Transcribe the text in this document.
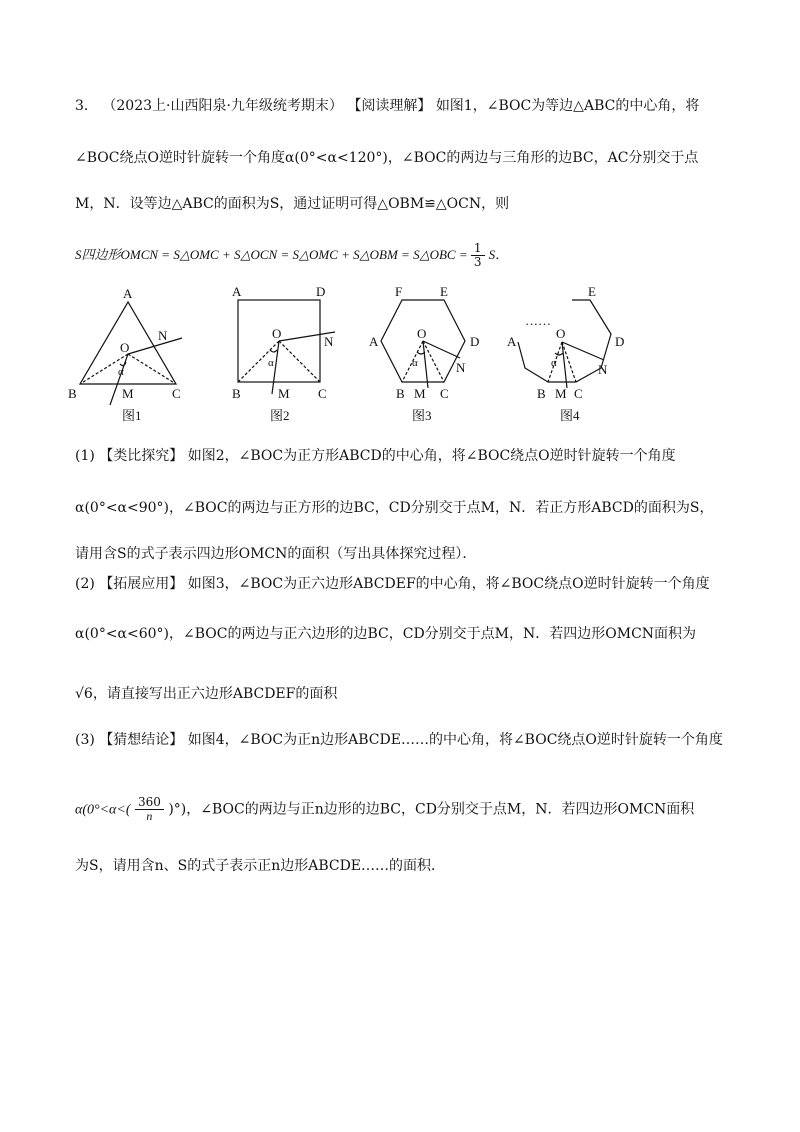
3． （2023上·山西阳泉·九年级统考期末） 【阅读理解】 如图1，∠BOC为等边△ABC的中心角，将
∠BOC绕点O逆时针旋转一个角度α(0°<α<120°)，∠BOC的两边与三角形的边BC，AC分别交于点
M，N．设等边△ABC的面积为S，通过证明可得△OBM≌△OCN，则
S四边形OMCN = S△OMC + S△OCN = S△OMC + S△OBM = S△OBC = $\frac{1}{3}$ S．
A
B	C
O
M
N
α
图1
A	D
B	C
O
N
M
α
图2
F	E
A	D
O
N
B M C
α
图3
……
E
A	D
O
N
B M C
α
图4
(1) 【类比探究】 如图2，∠BOC为正方形ABCD的中心角，将∠BOC绕点O逆时针旋转一个角度
α(0°<α<90°)，∠BOC的两边与正方形的边BC，CD分别交于点M，N．若正方形ABCD的面积为S，
请用含S的式子表示四边形OMCN的面积（写出具体探究过程）．
(2) 【拓展应用】 如图3，∠BOC为正六边形ABCDEF的中心角，将∠BOC绕点O逆时针旋转一个角度
α(0°<α<60°)，∠BOC的两边与正六边形的边BC，CD分别交于点M，N．若四边形OMCN面积为
√6，请直接写出正六边形ABCDEF的面积
(3) 【猜想结论】 如图4，∠BOC为正n边形ABCDE……的中心角，将∠BOC绕点O逆时针旋转一个角度
$\alpha(0^\circ<\alpha<( \frac{360}{n}$ )°)，∠BOC的两边与正n边形的边BC，CD分别交于点M，N．若四边形OMCN面积
为S，请用含n、S的式子表示正n边形ABCDE……的面积．
